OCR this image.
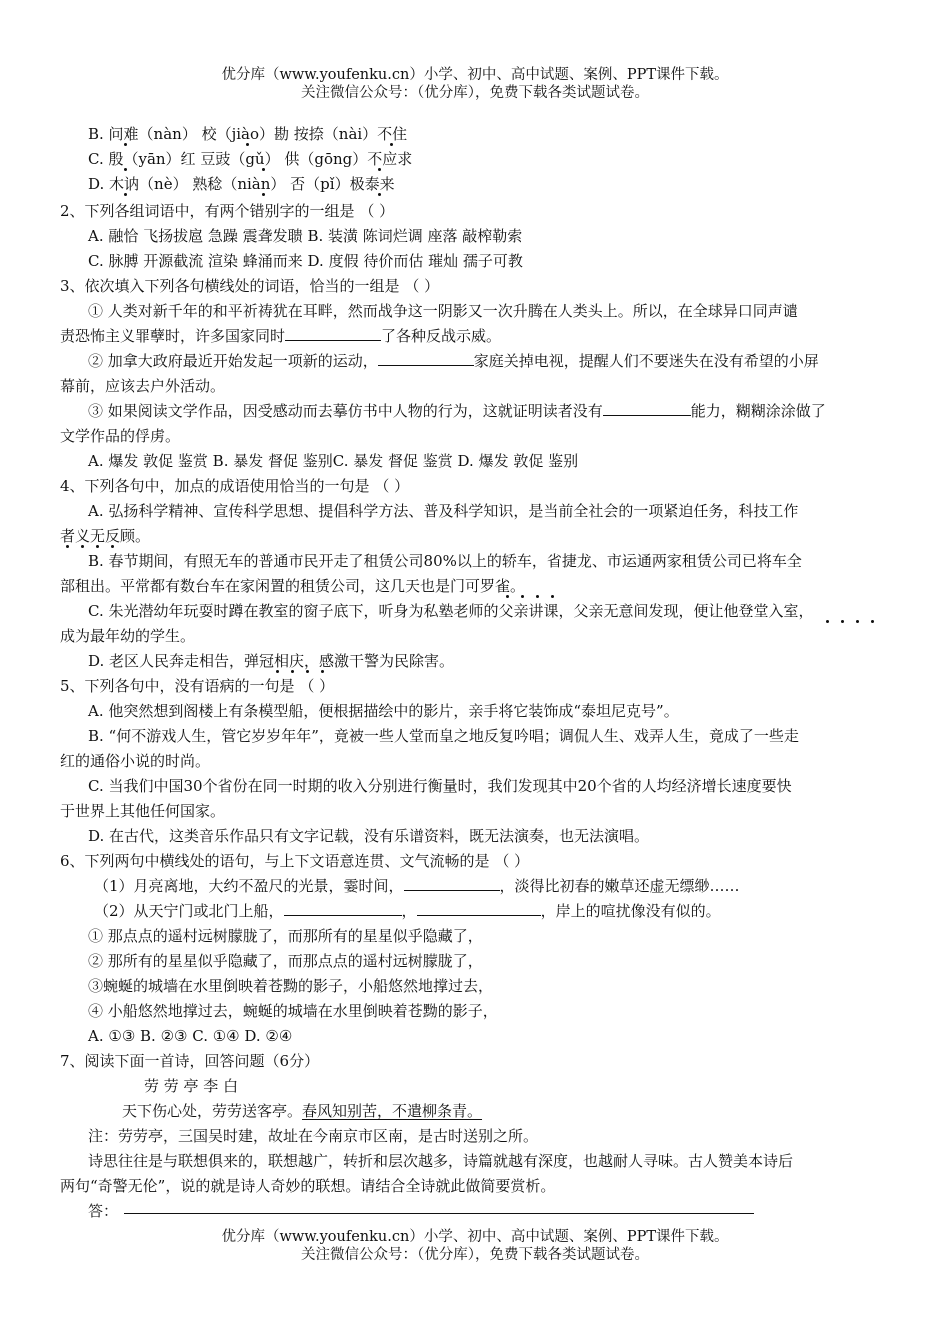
优分库（www.youfenku.cn）小学、初中、高中试题、案例、PPT课件下载。
关注微信公众号：（优分库），免费下载各类试题试卷。
B. 问难（nàn） 校（jiào）勘 按捺（nài）不住
C. 殷（yān）红 豆豉（gǔ） 供（gōng）不应求
D. 木讷（nè） 熟稔（niàn） 否（pǐ）极泰来
2、下列各组词语中，有两个错别字的一组是 （ ）
A. 融恰 飞扬拔扈 急躁 震聋发聩 B. 装潢 陈词烂调 座落 敲榨勒索
C. 脉膊 开源截流 渲染 蜂涌而来 D. 度假 待价而估 璀灿 孺子可教
3、依次填入下列各句横线处的词语，恰当的一组是 （ ）
① 人类对新千年的和平祈祷犹在耳畔，然而战争这一阴影又一次升腾在人类头上。所以，在全球异口同声谴
责恐怖主义罪孽时，许多国家同时	了各种反战示威。
② 加拿大政府最近开始发起一项新的运动，	家庭关掉电视，提醒人们不要迷失在没有希望的小屏
幕前，应该去户外活动。
③ 如果阅读文学作品，因受感动而去摹仿书中人物的行为，这就证明读者没有	能力，糊糊涂涂做了
文学作品的俘虏。
A. 爆发 敦促 鉴赏 B. 暴发 督促 鉴别C. 暴发 督促 鉴赏 D. 爆发 敦促 鉴别
4、下列各句中，加点的成语使用恰当的一句是 （ ）
A. 弘扬科学精神、宣传科学思想、提倡科学方法、普及科学知识，是当前全社会的一项紧迫任务，科技工作
者义无反顾。
B. 春节期间，有照无车的普通市民开走了租赁公司80%以上的轿车，省捷龙、市运通两家租赁公司已将车全
部租出。平常都有数台车在家闲置的租赁公司，这几天也是门可罗雀。
C. 朱光潜幼年玩耍时蹲在教室的窗子底下，听身为私塾老师的父亲讲课，父亲无意间发现，便让他登堂入室，
成为最年幼的学生。
D. 老区人民奔走相告，弹冠相庆，感激干警为民除害。
5、下列各句中，没有语病的一句是 （ ）
A. 他突然想到阁楼上有条模型船，便根据描绘中的影片，亲手将它装饰成“泰坦尼克号”。
B. “何不游戏人生，管它岁岁年年”，竟被一些人堂而皇之地反复吟唱；调侃人生、戏弄人生，竟成了一些走
红的通俗小说的时尚。
C. 当我们中国30个省份在同一时期的收入分别进行衡量时，我们发现其中20个省的人均经济增长速度要快
于世界上其他任何国家。
D. 在古代，这类音乐作品只有文字记载，没有乐谱资料，既无法演奏，也无法演唱。
6、下列两句中横线处的语句，与上下文语意连贯、文气流畅的是 （ ）
（1）月亮离地，大约不盈尺的光景，霎时间，	，淡得比初春的嫩草还虚无缥缈……
（2）从天宁门或北门上船，	，	，岸上的喧扰像没有似的。
① 那点点的遥村远树朦胧了，而那所有的星星似乎隐藏了，
② 那所有的星星似乎隐藏了，而那点点的遥村远树朦胧了，
③蜿蜒的城墙在水里倒映着苍黝的影子，小船悠然地撑过去，
④ 小船悠然地撑过去，蜿蜒的城墙在水里倒映着苍黝的影子，
A. ①③ B. ②③ C. ①④ D. ②④
7、阅读下面一首诗，回答问题（6分）
劳 劳 亭 李 白
天下伤心处，劳劳送客亭。春风知别苦，不遣柳条青。
注：劳劳亭，三国吴时建，故址在今南京市区南，是古时送别之所。
诗思往往是与联想俱来的，联想越广，转折和层次越多，诗篇就越有深度，也越耐人寻味。古人赞美本诗后
两句“奇警无伦”，说的就是诗人奇妙的联想。请结合全诗就此做简要赏析。
答：
优分库（www.youfenku.cn）小学、初中、高中试题、案例、PPT课件下载。
关注微信公众号：（优分库），免费下载各类试题试卷。
